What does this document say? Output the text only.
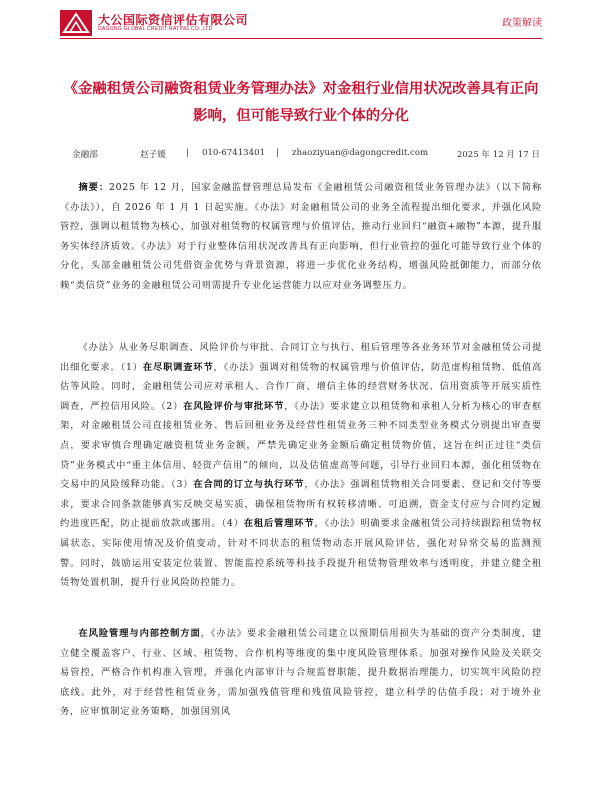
大公国际资信评估有限公司
DAGONG GLOBAL CREDIT RATING CO.,LTD	政策解读
《金融租赁公司融资租赁业务管理办法》对金租行业信用状况改善具有正向影响，但可能导致行业个体的分化
金融部	赵子媛 | 010-67413401 | zhaoziyuan@dagongcredit.com	2025 年 12 月 17 日
摘要：2025 年 12 月，国家金融监督管理总局发布《金融租赁公司融资租赁业务管理办法》（以下简称《办法》），自 2026 年 1 月 1 日起实施。《办法》对金融租赁公司的业务全流程提出细化要求，并强化风险管控，强调以租赁物为核心，加强对租赁物的权属管理与价值评估，推动行业回归“融资+融物”本源，提升服务实体经济质效。《办法》对于行业整体信用状况改善具有正向影响，但行业管控的强化可能导致行业个体的分化，头部金融租赁公司凭借资金优势与背景资源，将进一步优化业务结构，增强风险抵御能力，而部分依赖“类信贷”业务的金融租赁公司则需提升专业化运营能力以应对业务调整压力。
《办法》从业务尽职调查、风险评价与审批、合同订立与执行、租后管理等各业务环节对金融租赁公司提出细化要求。（1）在尽职调查环节，《办法》强调对租赁物的权属管理与价值评估，防范虚构租赁物、低值高估等风险。同时，金融租赁公司应对承租人、合作厂商、增信主体的经营财务状况、信用资质等开展实质性调查，严控信用风险。（2）在风险评价与审批环节，《办法》要求建立以租赁物和承租人分析为核心的审查框架，对金融租赁公司直接租赁业务、售后回租业务及经营性租赁业务三种不同类型业务模式分别提出审查要点，要求审慎合理确定融资租赁业务金额，严禁先确定业务金额后确定租赁物价值，这旨在纠正过往“类信贷”业务模式中“重主体信用、轻资产信用”的倾向，以及估值虚高等问题，引导行业回归本源，强化租赁物在交易中的风险缓释功能。（3）在合同的订立与执行环节，《办法》强调租赁物相关合同要素、登记和交付等要求，要求合同条款能够真实反映交易实质，确保租赁物所有权转移清晰、可追溯，资金支付应与合同约定履约进度匹配，防止提前放款或挪用。（4）在租后管理环节，《办法》明确要求金融租赁公司持续跟踪租赁物权属状态、实际使用情况及价值变动，针对不同状态的租赁物动态开展风险评估，强化对异常交易的监测预警。同时，鼓励运用安装定位装置、智能监控系统等科技手段提升租赁物管理效率与透明度，并建立健全租赁物处置机制，提升行业风险防控能力。
在风险管理与内部控制方面，《办法》要求金融租赁公司建立以预期信用损失为基础的资产分类制度，建立健全覆盖客户、行业、区域、租赁物、合作机构等维度的集中度风险管理体系。加强对操作风险及关联交易管控，严格合作机构准入管理，并强化内部审计与合规监督职能，提升数据治理能力，切实筑牢风险防控底线。此外，对于经营性租赁业务，需加强残值管理和残值风险管控，建立科学的估值手段；对于境外业务，应审慎制定业务策略，加强国别风
